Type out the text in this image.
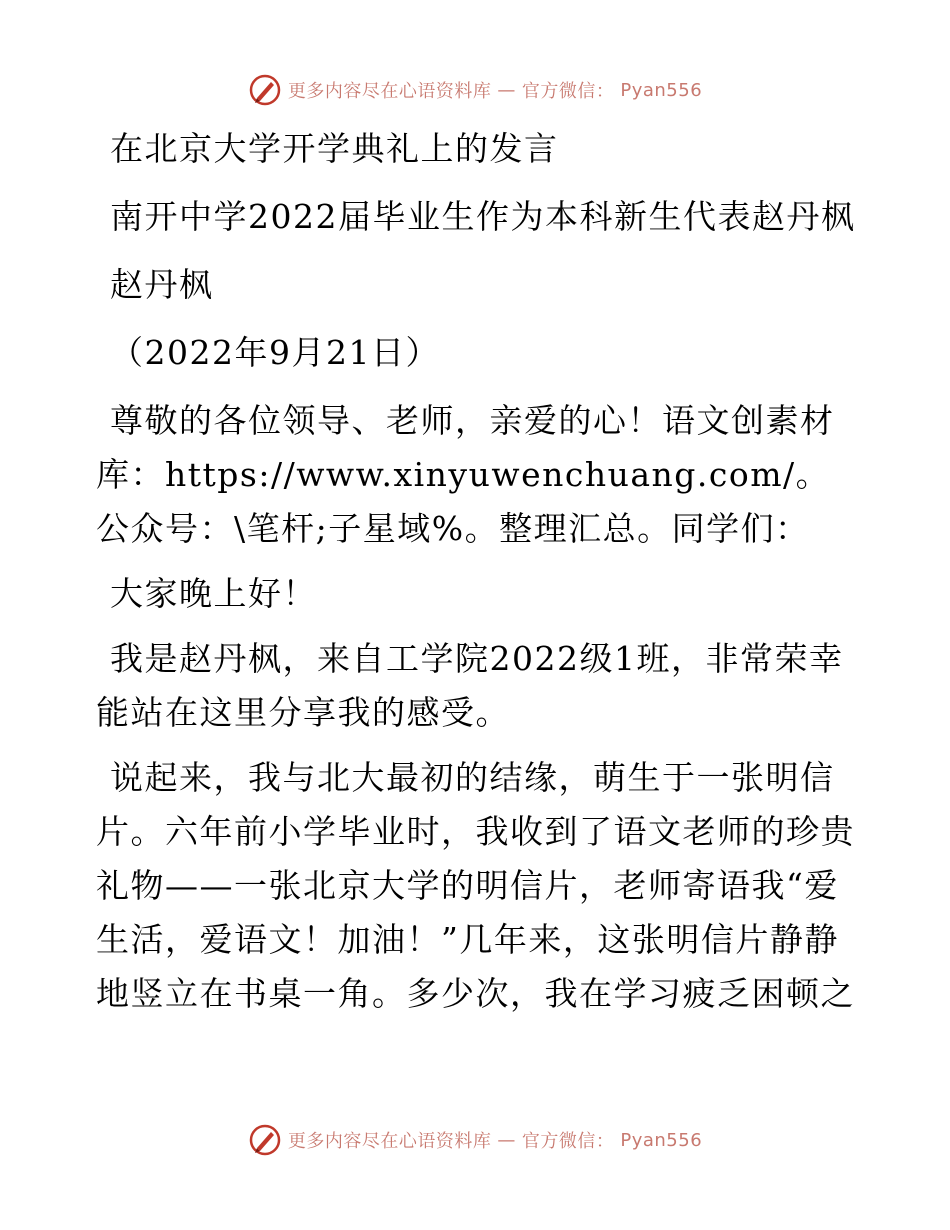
更多内容尽在心语资料库 — 官方微信： Pyan556

在北京大学开学典礼上的发言

南开中学2022届毕业生作为本科新生代表赵丹枫

赵丹枫

（2022年9月21日）

尊敬的各位领导、老师，亲爱的心！语文创素材库：https://www.xinyuwenchuang.com/。公众号：\笔杆;子星域%。整理汇总。同学们：

大家晚上好！

我是赵丹枫，来自工学院2022级1班，非常荣幸能站在这里分享我的感受。

说起来，我与北大最初的结缘，萌生于一张明信片。六年前小学毕业时，我收到了语文老师的珍贵礼物——一张北京大学的明信片，老师寄语我“爱生活，爱语文！加油！”几年来，这张明信片静静地竖立在书桌一角。多少次，我在学习疲乏困顿之

更多内容尽在心语资料库 — 官方微信： Pyan556
